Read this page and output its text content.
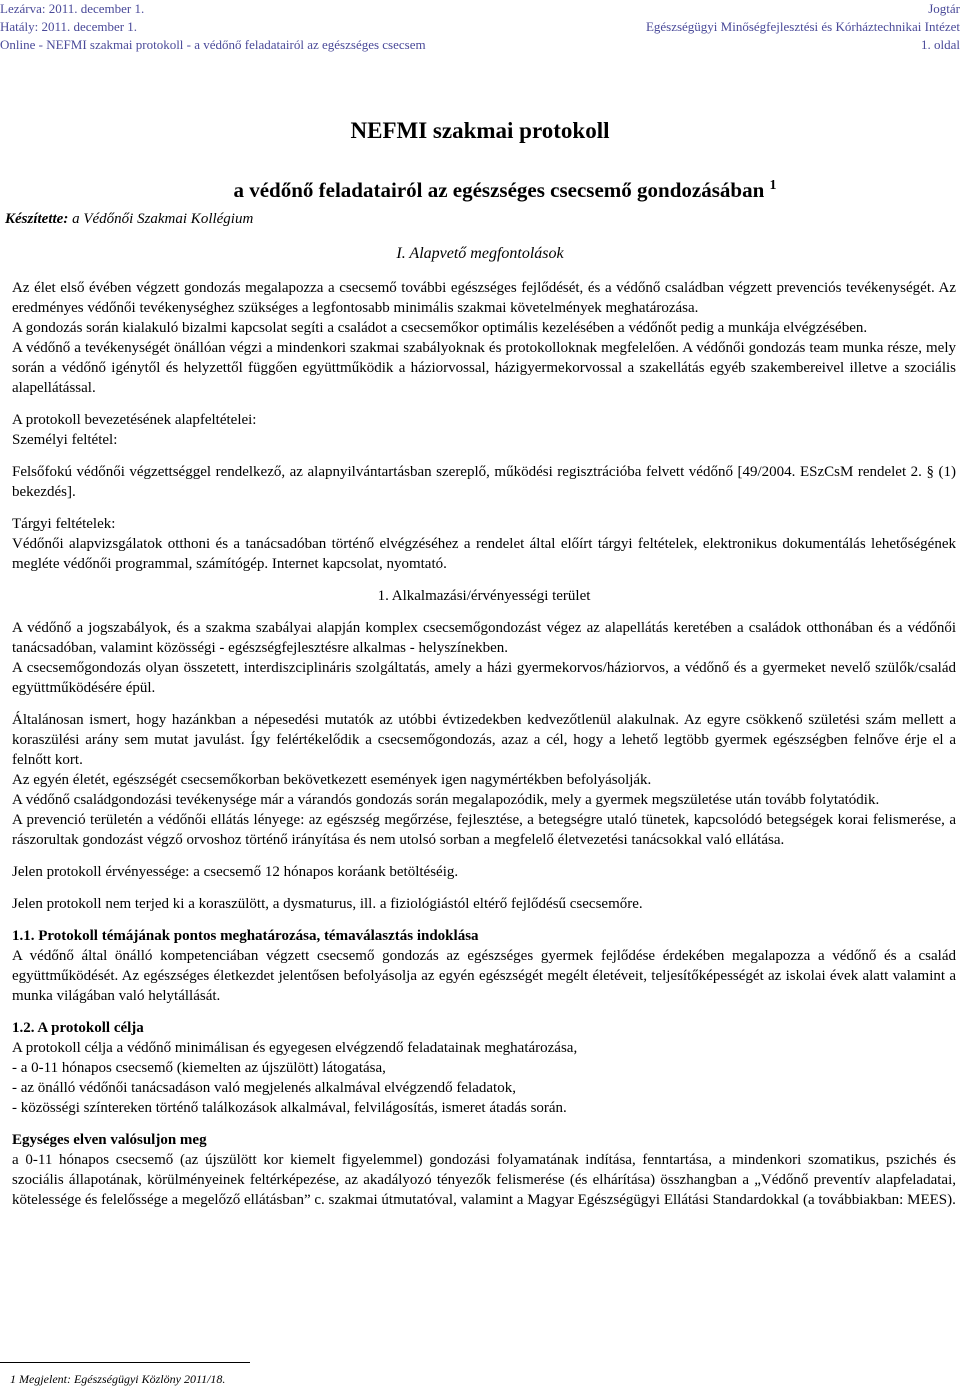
Lezárva: 2011. december 1.
Hatály: 2011. december 1.
Online - NEFMI szakmai protokoll - a védőnő feladatairól az egészséges csecsem
Jogtár
Egészségügyi Minőségfejlesztési és Kórháztechnikai Intézet
1. oldal
NEFMI szakmai protokoll
a védőnő feladatairól az egészséges csecsemő gondozásában $^1$
Készítette: a Védőnői Szakmai Kollégium
I. Alapvető megfontolások

Az élet első évében végzett gondozás megalapozza a csecsemő további egészséges fejlődését, és a védőnő családban végzett prevenciós tevékenységét. Az eredményes védőnői tevékenységhez szükséges a legfontosabb minimális szakmai követelmények meghatározása.

A gondozás során kialakuló bizalmi kapcsolat segíti a családot a csecsemőkor optimális kezelésében a védőnőt pedig a munkája elvégzésében.

A védőnő a tevékenységét önállóan végzi a mindenkori szakmai szabályoknak és protokolloknak megfelelően. A védőnői gondozás team munka része, mely során a védőnő igénytől és helyzettől függően együttműködik a háziorvossal, házigyermekorvossal a szakellátás egyéb szakembereivel illetve a szociális alapellátással.

A protokoll bevezetésének alapfeltételei:

Személyi feltétel:

Felsőfokú védőnői végzettséggel rendelkező, az alapnyilvántartásban szereplő, működési regisztrációba felvett védőnő [49/2004. ESzCsM rendelet 2. § (1) bekezdés].

Tárgyi feltételek:

Védőnői alapvizsgálatok otthoni és a tanácsadóban történő elvégzéséhez a rendelet által előírt tárgyi feltételek, elektronikus dokumentálás lehetőségének megléte védőnői programmal, számítógép. Internet kapcsolat, nyomtató.

1. Alkalmazási/érvényességi terület

A védőnő a jogszabályok, és a szakma szabályai alapján komplex csecsemőgondozást végez az alapellátás keretében a családok otthonában és a védőnői tanácsadóban, valamint közösségi - egészségfejlesztésre alkalmas - helyszínekben.

A csecsemőgondozás olyan összetett, interdiszciplináris szolgáltatás, amely a házi gyermekorvos/háziorvos, a védőnő és a gyermeket nevelő szülők/család együttműködésére épül.

Általánosan ismert, hogy hazánkban a népesedési mutatók az utóbbi évtizedekben kedvezőtlenül alakulnak. Az egyre csökkenő születési szám mellett a koraszülési arány sem mutat javulást. Így felértékelődik a csecsemőgondozás, azaz a cél, hogy a lehető legtöbb gyermek egészségben felnőve érje el a felnőtt kort.

Az egyén életét, egészségét csecsemőkorban bekövetkezett események igen nagymértékben befolyásolják.

A védőnő családgondozási tevékenysége már a várandós gondozás során megalapozódik, mely a gyermek megszületése után tovább folytatódik.

A prevenció területén a védőnői ellátás lényege: az egészség megőrzése, fejlesztése, a betegségre utaló tünetek, kapcsolódó betegségek korai felismerése, a rászorultak gondozást végző orvoshoz történő irányítása és nem utolsó sorban a megfelelő életvezetési tanácsokkal való ellátása.

Jelen protokoll érvényessége: a csecsemő 12 hónapos koráank betöltéséig.

Jelen protokoll nem terjed ki a koraszülött, a dysmaturus, ill. a fiziológiástól eltérő fejlődésű csecsemőre.

1.1. Protokoll témájának pontos meghatározása, témaválasztás indoklása

A védőnő által önálló kompetenciában végzett csecsemő gondozás az egészséges gyermek fejlődése érdekében megalapozza a védőnő és a család együttműködését. Az egészséges életkezdet jelentősen befolyásolja az egyén egészségét megélt életéveit, teljesítőképességét az iskolai évek alatt valamint a munka világában való helytállását.

1.2. A protokoll célja

A protokoll célja a védőnő minimálisan és egyegesen elvégzendő feladatainak meghatározása,

- a 0-11 hónapos csecsemő (kiemelten az újszülött) látogatása,

- az önálló védőnői tanácsadáson való megjelenés alkalmával elvégzendő feladatok,

- közösségi színtereken történő találkozások alkalmával, felvilágosítás, ismeret átadás során.

Egységes elven valósuljon meg

a 0-11 hónapos csecsemő (az újszülött kor kiemelt figyelemmel) gondozási folyamatának indítása, fenntartása, a mindenkori szomatikus, pszichés és szociális állapotának, körülményeinek feltérképezése, az akadályozó tényezők felismerése (és elhárítása) összhangban a „Védőnő preventív alapfeladatai, kötelessége és felelőssége a megelőző ellátásban” c. szakmai útmutatóval, valamint a Magyar Egészségügyi Ellátási Standardokkal (a továbbiakban: MEES).

1 Megjelent: Egészségügyi Közlöny 2011/18.
